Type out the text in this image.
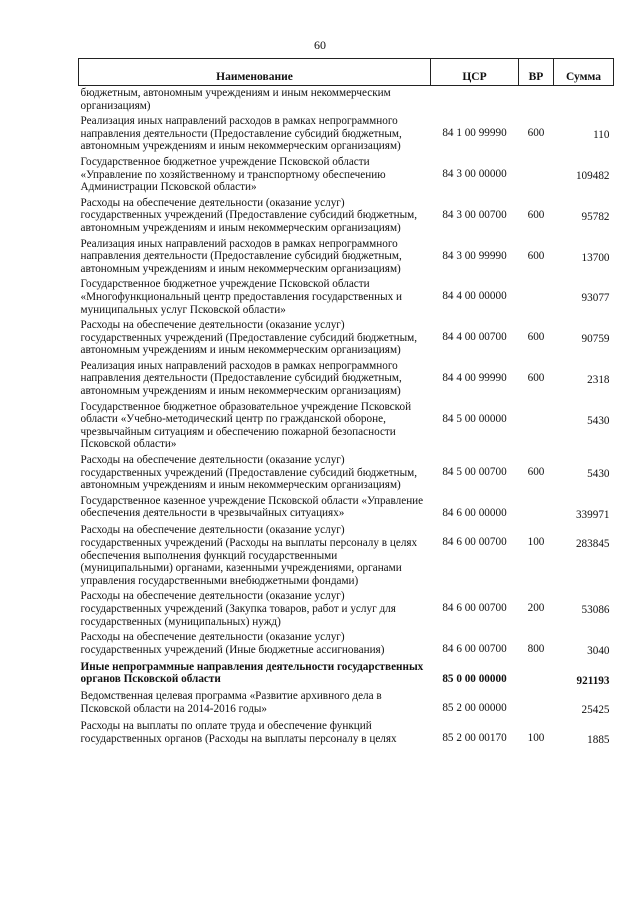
60
Наименование	ЦСР	ВР	Сумма
бюджетным, автономным учреждениям и иным некоммерческим организациям)			
Реализация иных направлений расходов в рамках непрограммного направления деятельности (Предоставление субсидий бюджетным, автономным учреждениям и иным некоммерческим организациям)	84 1 00 99990	600	110
Государственное бюджетное учреждение Псковской области «Управление по хозяйственному и транспортному обеспечению Администрации Псковской области»	84 3 00 00000		109482
Расходы на обеспечение деятельности (оказание услуг) государственных учреждений (Предоставление субсидий бюджетным, автономным учреждениям и иным некоммерческим организациям)	84 3 00 00700	600	95782
Реализация иных направлений расходов в рамках непрограммного направления деятельности (Предоставление субсидий бюджетным, автономным учреждениям и иным некоммерческим организациям)	84 3 00 99990	600	13700
Государственное бюджетное учреждение Псковской области «Многофункциональный центр предоставления государственных и муниципальных услуг Псковской области»	84 4 00 00000		93077
Расходы на обеспечение деятельности (оказание услуг) государственных учреждений (Предоставление субсидий бюджетным, автономным учреждениям и иным некоммерческим организациям)	84 4 00 00700	600	90759
Реализация иных направлений расходов в рамках непрограммного направления деятельности (Предоставление субсидий бюджетным, автономным учреждениям и иным некоммерческим организациям)	84 4 00 99990	600	2318
Государственное бюджетное образовательное учреждение Псковской области «Учебно-методический центр по гражданской обороне, чрезвычайным ситуациям и обеспечению пожарной безопасности Псковской области»	84 5 00 00000		5430
Расходы на обеспечение деятельности (оказание услуг) государственных учреждений (Предоставление субсидий бюджетным, автономным учреждениям и иным некоммерческим организациям)	84 5 00 00700	600	5430
Государственное казенное учреждение Псковской области «Управление обеспечения деятельности в чрезвычайных ситуациях»	84 6 00 00000		339971
Расходы на обеспечение деятельности (оказание услуг) государственных учреждений (Расходы на выплаты персоналу в целях обеспечения выполнения функций государственными (муниципальными) органами, казенными учреждениями, органами управления государственными внебюджетными фондами)	84 6 00 00700	100	283845
Расходы на обеспечение деятельности (оказание услуг) государственных учреждений (Закупка товаров, работ и услуг для государственных (муниципальных) нужд)	84 6 00 00700	200	53086
Расходы на обеспечение деятельности (оказание услуг) государственных учреждений (Иные бюджетные ассигнования)	84 6 00 00700	800	3040
Иные непрограммные направления деятельности государственных органов Псковской области	85 0 00 00000		921193
Ведомственная целевая программа «Развитие архивного дела в Псковской области на 2014-2016 годы»	85 2 00 00000		25425
Расходы на выплаты по оплате труда и обеспечение функций государственных органов (Расходы на выплаты персоналу в целях	85 2 00 00170	100	1885
